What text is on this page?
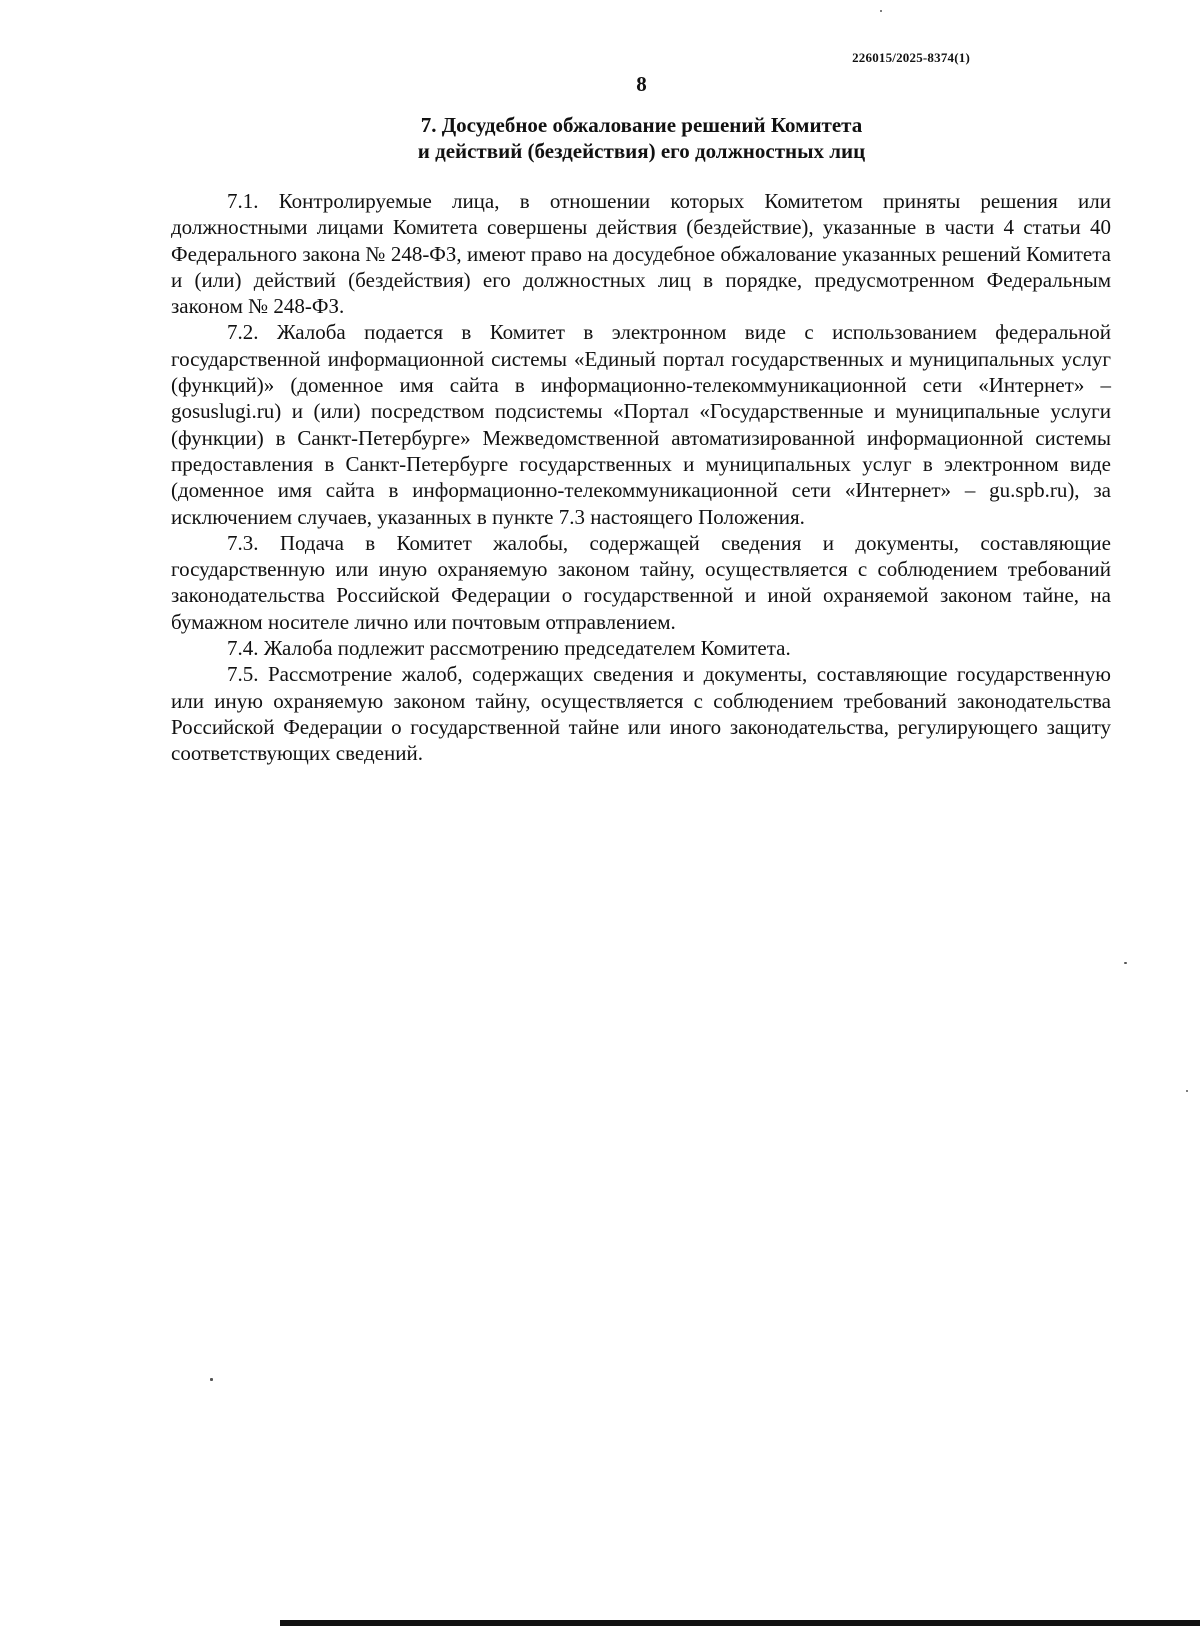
226015/2025-8374(1)
8
7. Досудебное обжалование решений Комитета
и действий (бездействия) его должностных лиц

7.1. Контролируемые лица, в отношении которых Комитетом приняты решения или должностными лицами Комитета совершены действия (бездействие), указанные в части 4 статьи 40 Федерального закона № 248-ФЗ, имеют право на досудебное обжалование указанных решений Комитета и (или) действий (бездействия) его должностных лиц в порядке, предусмотренном Федеральным законом № 248-ФЗ.

7.2. Жалоба подается в Комитет в электронном виде с использованием федеральной государственной информационной системы «Единый портал государственных и муниципальных услуг (функций)» (доменное имя сайта в информационно-телекоммуникационной сети «Интернет» – gosuslugi.ru) и (или) посредством подсистемы «Портал «Государственные и муниципальные услуги (функции) в Санкт-Петербурге» Межведомственной автоматизированной информационной системы предоставления в Санкт-Петербурге государственных и муниципальных услуг в электронном виде (доменное имя сайта в информационно-телекоммуникационной сети «Интернет» – gu.spb.ru), за исключением случаев, указанных в пункте 7.3 настоящего Положения.

7.3. Подача в Комитет жалобы, содержащей сведения и документы, составляющие государственную или иную охраняемую законом тайну, осуществляется с соблюдением требований законодательства Российской Федерации о государственной и иной охраняемой законом тайне, на бумажном носителе лично или почтовым отправлением.

7.4. Жалоба подлежит рассмотрению председателем Комитета.

7.5. Рассмотрение жалоб, содержащих сведения и документы, составляющие государственную или иную охраняемую законом тайну, осуществляется с соблюдением требований законодательства Российской Федерации о государственной тайне или иного законодательства, регулирующего защиту соответствующих сведений.
